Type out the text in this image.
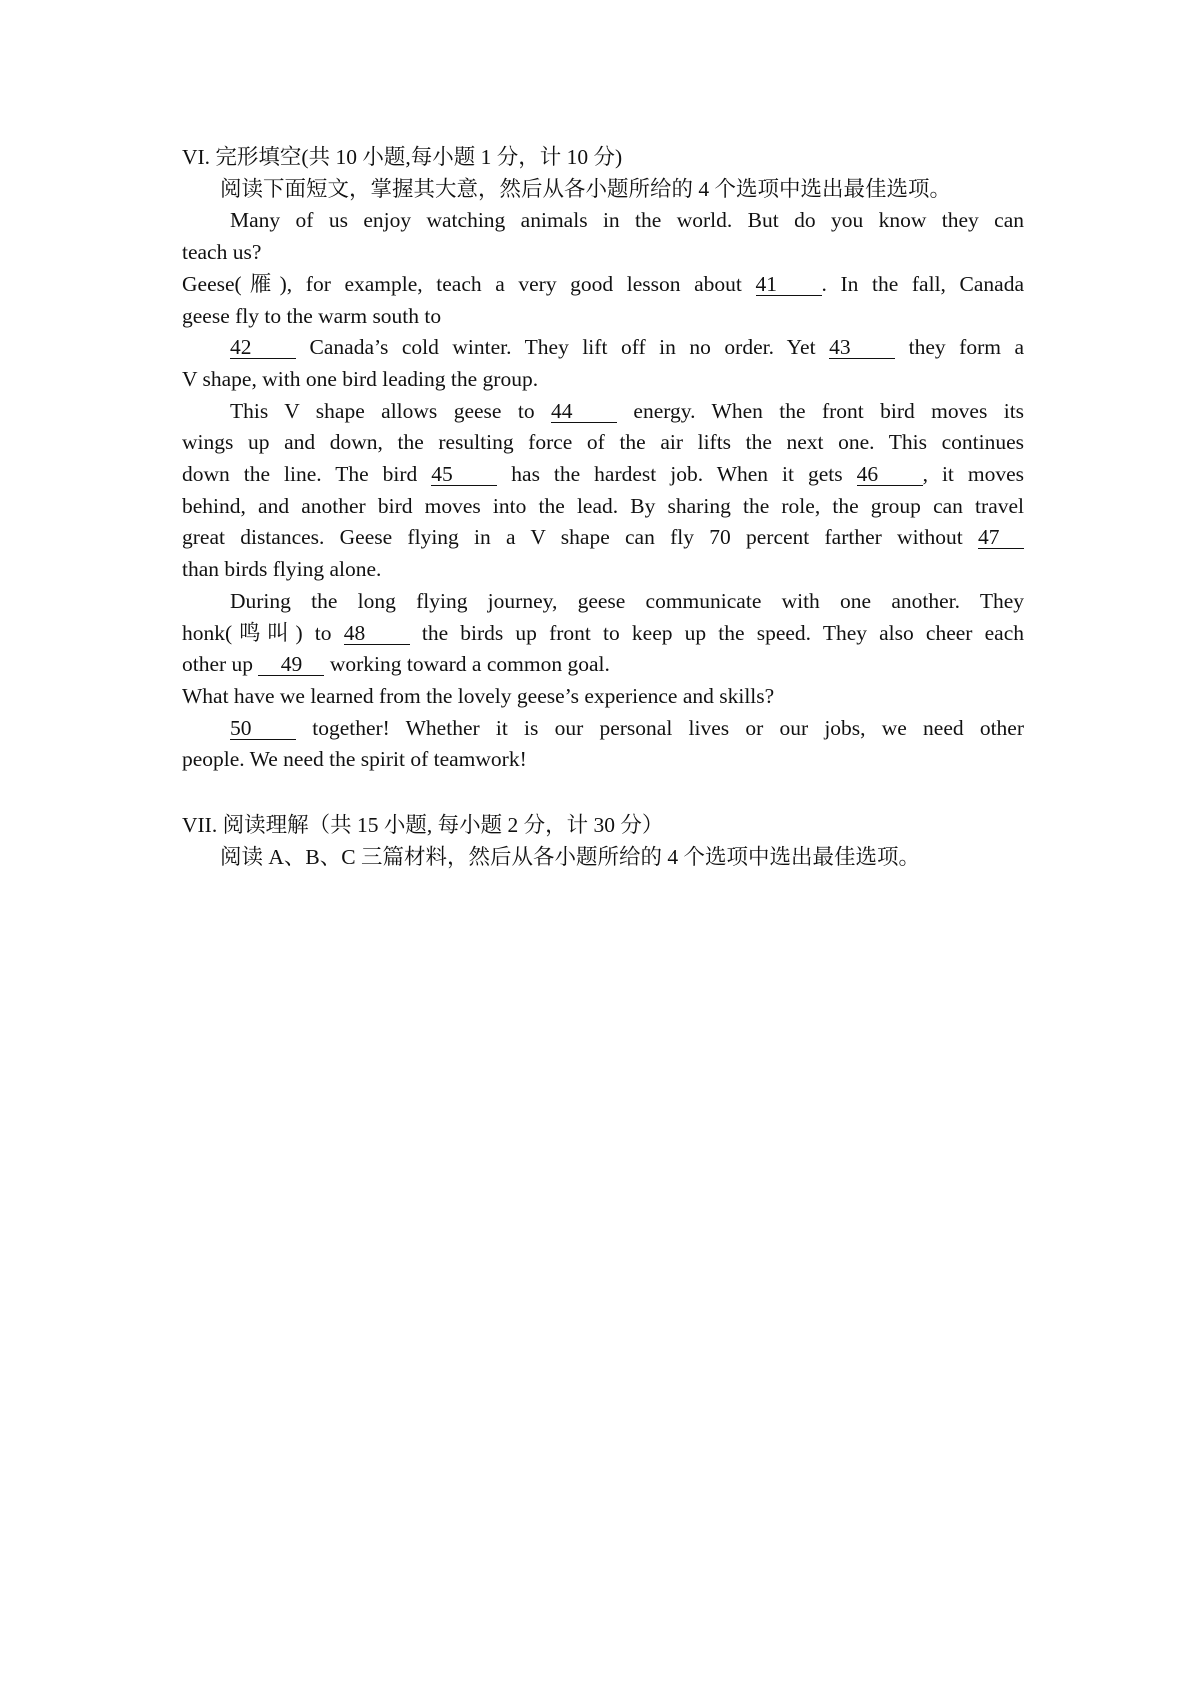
VI. 完形填空(共 10 小题,每小题 1 分，计 10 分)
阅读下面短文，掌握其大意，然后从各小题所给的 4 个选项中选出最佳选项。
Many of us enjoy watching animals in the world. But do you know they can
teach us?
Geese(雁), for example, teach a very good lesson about 41 . In the fall, Canada
geese fly to the warm south to
42	Canada’s cold winter. They lift off in no order. Yet 43	they form a
V shape, with one bird leading the group.
This V shape allows geese to 44	energy. When the front bird moves its
wings up and down, the resulting force of the air lifts the next one. This continues
down the line. The bird 45	has the hardest job. When it gets 46 , it moves
behind, and another bird moves into the lead. By sharing the role, the group can travel
great distances. Geese flying in a V shape can fly 70 percent farther without 47
than birds flying alone.
During the long flying journey, geese communicate with one another. They
honk(鸣叫) to 48	the birds up front to keep up the speed. They also cheer each
other up 49 working toward a common goal.
What have we learned from the lovely geese’s experience and skills?
50	together! Whether it is our personal lives or our jobs, we need other
people. We need the spirit of teamwork!
VII. 阅读理解（共 15 小题, 每小题 2 分，计 30 分）
阅读 A、B、C 三篇材料，然后从各小题所给的 4 个选项中选出最佳选项。
